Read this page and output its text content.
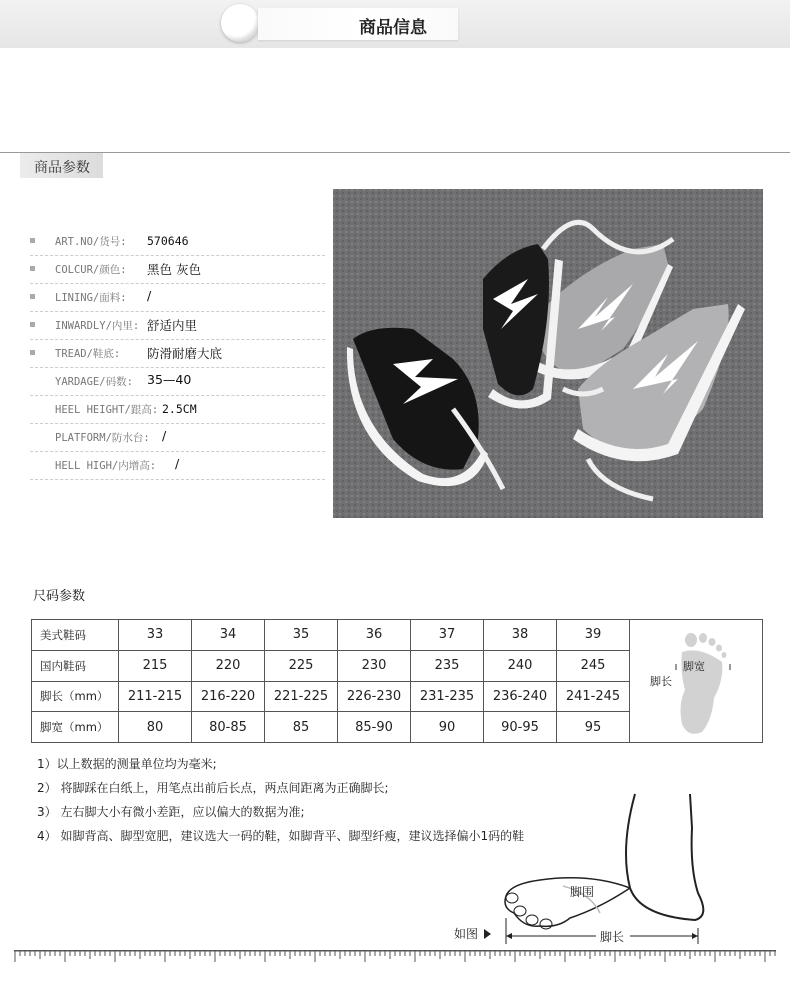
商品信息
商品参数
ART.NO/货号: 570646
COLCUR/颜色: 黑色 灰色
LINING/面料: /
INWARDLY/内里: 舒适内里
TREAD/鞋底: 防滑耐磨大底
YARDAGE/码数: 35—40
HEEL HEIGHT/跟高: 2.5CM
PLATFORM/防水台: /
HELL HIGH/内增高: /
尺码参数
美式鞋码	33	34	35	36	37	38	39	脚宽
脚长

国内鞋码	215	220	225	230	235	240	245	
脚长（mm）	211-215	216-220	221-225	226-230	231-235	236-240	241-245	
脚宽（mm）	80	80-85	85	85-90	90	90-95	95	
1）以上数据的测量单位均为毫米;
2） 将脚踩在白纸上，用笔点出前后长点，两点间距离为正确脚长;
3） 左右脚大小有微小差距，应以偏大的数据为准;
4） 如脚背高、脚型宽肥，建议选大一码的鞋，如脚背平、脚型纤瘦，建议选择偏小1码的鞋
脚围
脚长
如图
